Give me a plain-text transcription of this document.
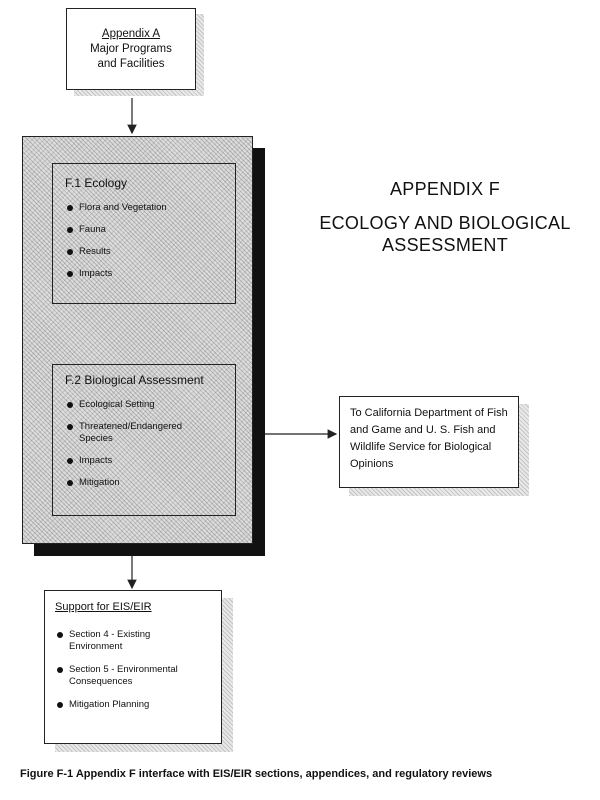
Appendix A
Major Programs
and Facilities
F.1 Ecology
Flora and Vegetation
Fauna
Results
Impacts
F.2 Biological Assessment
Ecological Setting
Threatened/Endangered Species
Impacts
Mitigation
APPENDIX F
ECOLOGY AND BIOLOGICAL
ASSESSMENT
To California Department of Fish and Game and U. S. Fish and Wildlife Service for Biological Opinions
Support for EIS/EIR
Section 4 - Existing Environment
Section 5 - Environmental Consequences
Mitigation Planning
Figure F-1 Appendix F interface with EIS/EIR sections, appendices, and regulatory reviews
